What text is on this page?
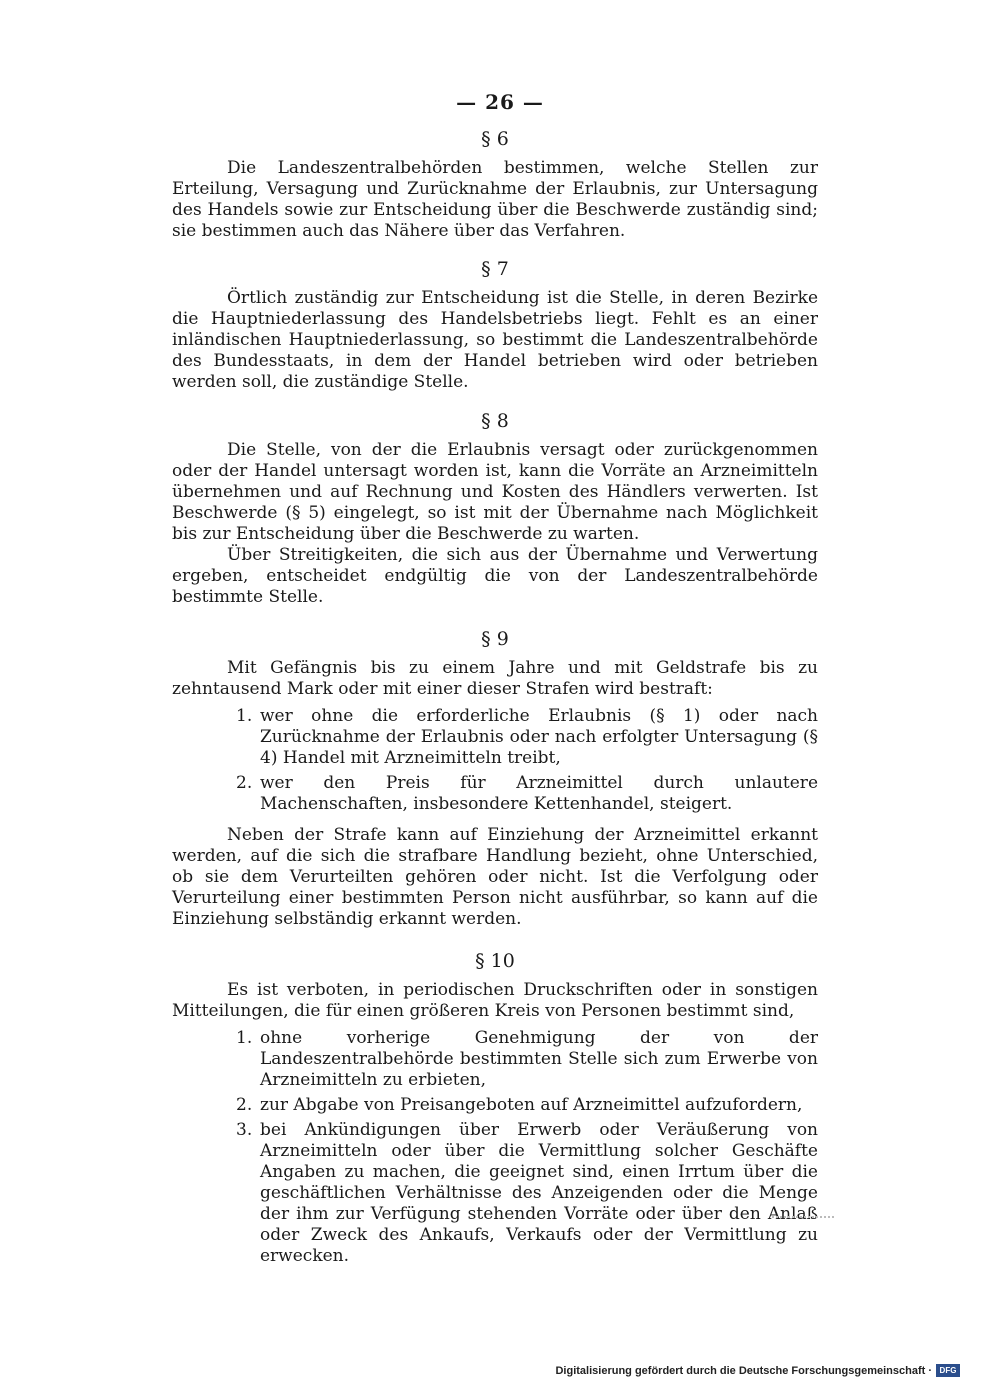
— 26 —
§ 6

Die Landeszentralbehörden bestimmen, welche Stellen zur Erteilung, Versagung und Zurücknahme der Erlaubnis, zur Untersagung des Handels sowie zur Entscheidung über die Beschwerde zuständig sind; sie bestimmen auch das Nähere über das Verfahren.

§ 7

Örtlich zuständig zur Entscheidung ist die Stelle, in deren Bezirke die Hauptniederlassung des Handelsbetriebs liegt. Fehlt es an einer inländischen Hauptniederlassung, so bestimmt die Landeszentralbehörde des Bundesstaats, in dem der Handel betrieben wird oder betrieben werden soll, die zuständige Stelle.

§ 8

Die Stelle, von der die Erlaubnis versagt oder zurückgenommen oder der Handel untersagt worden ist, kann die Vorräte an Arzneimitteln übernehmen und auf Rechnung und Kosten des Händlers verwerten. Ist Beschwerde (§ 5) eingelegt, so ist mit der Übernahme nach Möglichkeit bis zur Entscheidung über die Beschwerde zu warten.

Über Streitigkeiten, die sich aus der Übernahme und Verwertung ergeben, entscheidet endgültig die von der Landeszentralbehörde bestimmte Stelle.

§ 9

Mit Gefängnis bis zu einem Jahre und mit Geldstrafe bis zu zehntausend Mark oder mit einer dieser Strafen wird bestraft:

1. wer ohne die erforderliche Erlaubnis (§ 1) oder nach Zurücknahme der Erlaubnis oder nach erfolgter Untersagung (§ 4) Handel mit Arzneimitteln treibt,
2. wer den Preis für Arzneimittel durch unlautere Machenschaften, insbesondere Kettenhandel, steigert.

Neben der Strafe kann auf Einziehung der Arzneimittel erkannt werden, auf die sich die strafbare Handlung bezieht, ohne Unterschied, ob sie dem Verurteilten gehören oder nicht. Ist die Verfolgung oder Verurteilung einer bestimmten Person nicht ausführbar, so kann auf die Einziehung selbständig erkannt werden.

§ 10

Es ist verboten, in periodischen Druckschriften oder in sonstigen Mitteilungen, die für einen größeren Kreis von Personen bestimmt sind,

1. ohne vorherige Genehmigung der von der Landeszentralbehörde bestimmten Stelle sich zum Erwerbe von Arzneimitteln zu erbieten,
2. zur Abgabe von Preisangeboten auf Arzneimittel aufzufordern,
3. bei Ankündigungen über Erwerb oder Veräußerung von Arzneimitteln oder über die Vermittlung solcher Geschäfte Angaben zu machen, die geeignet sind, einen Irrtum über die geschäftlichen Verhältnisse des Anzeigenden oder die Menge der ihm zur Verfügung stehenden Vorräte oder über den Anlaß oder Zweck des Ankaufs, Verkaufs oder der Vermittlung zu erwecken.
Digitalisierung gefördert durch die Deutsche Forschungsgemeinschaft · DFG
